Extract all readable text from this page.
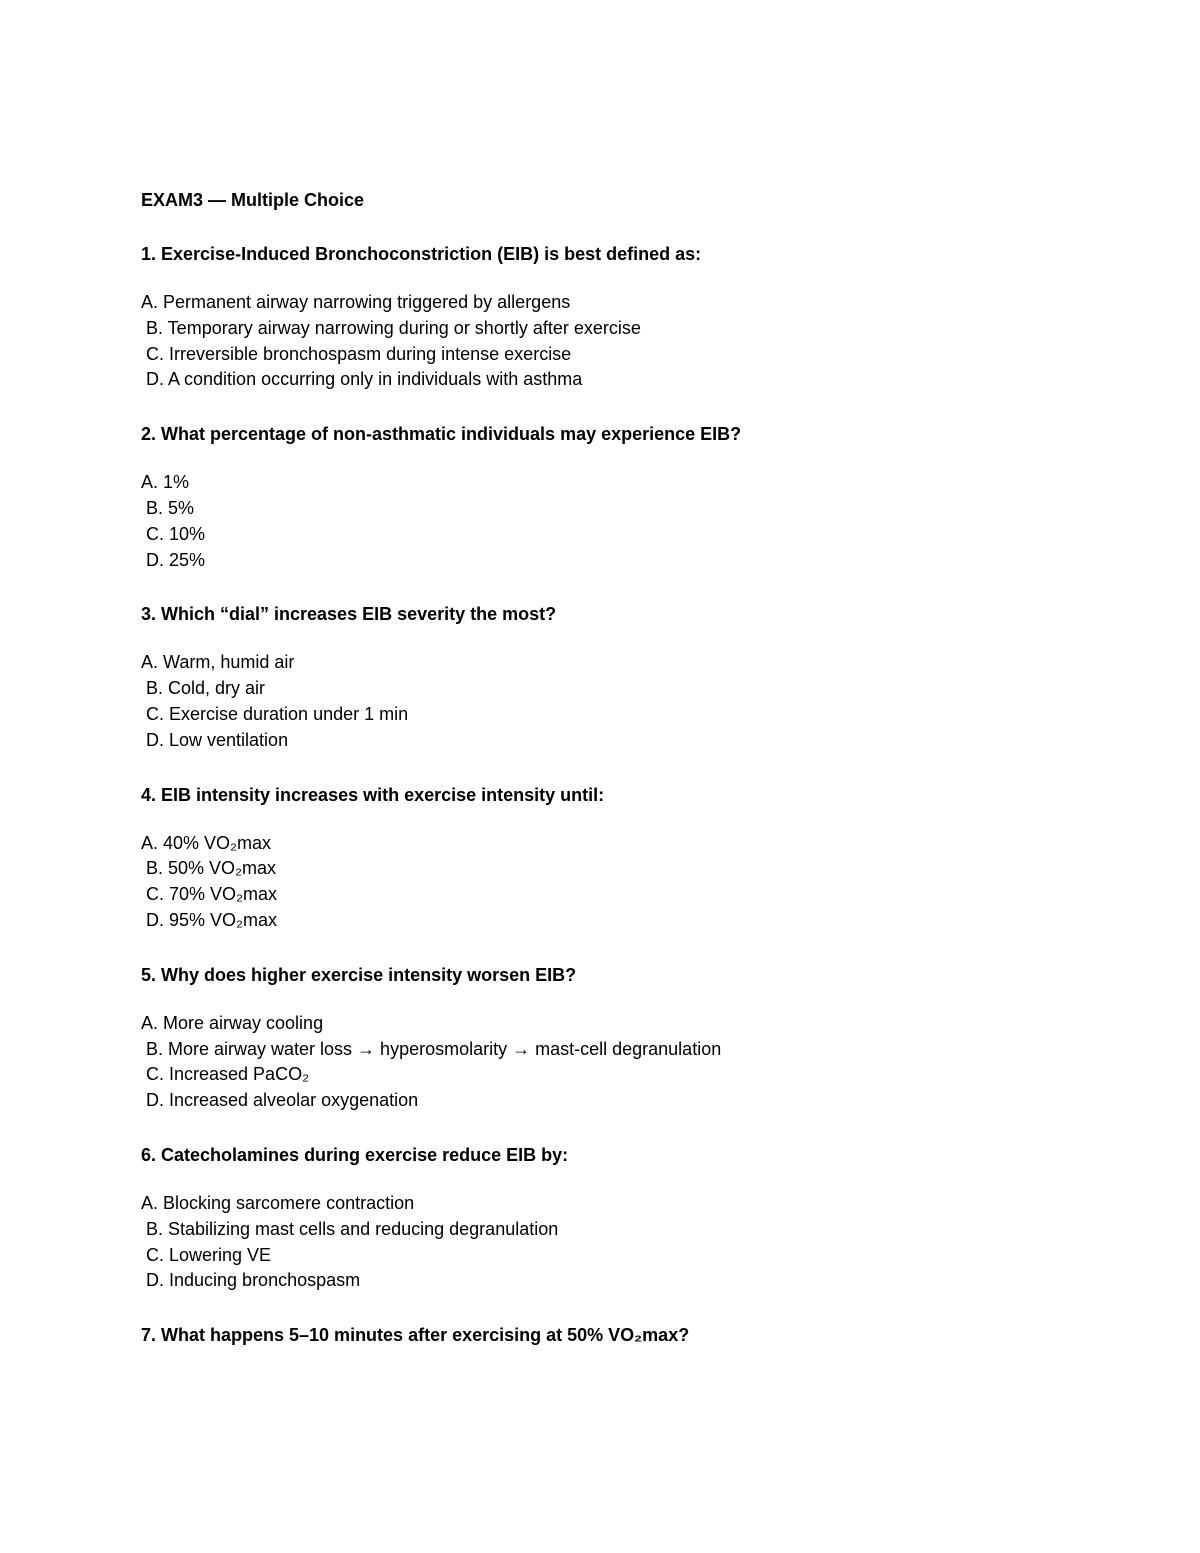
EXAM3 — Multiple Choice
1. Exercise-Induced Bronchoconstriction (EIB) is best defined as:
A. Permanent airway narrowing triggered by allergens
B. Temporary airway narrowing during or shortly after exercise
C. Irreversible bronchospasm during intense exercise
D. A condition occurring only in individuals with asthma
2. What percentage of non-asthmatic individuals may experience EIB?
A. 1%
B. 5%
C. 10%
D. 25%
3. Which “dial” increases EIB severity the most?
A. Warm, humid air
B. Cold, dry air
C. Exercise duration under 1 min
D. Low ventilation
4. EIB intensity increases with exercise intensity until:
A. 40% VO₂max
B. 50% VO₂max
C. 70% VO₂max
D. 95% VO₂max
5. Why does higher exercise intensity worsen EIB?
A. More airway cooling
B. More airway water loss → hyperosmolarity → mast-cell degranulation
C. Increased PaCO₂
D. Increased alveolar oxygenation
6. Catecholamines during exercise reduce EIB by:
A. Blocking sarcomere contraction
B. Stabilizing mast cells and reducing degranulation
C. Lowering VE
D. Inducing bronchospasm
7. What happens 5–10 minutes after exercising at 50% VO₂max?
